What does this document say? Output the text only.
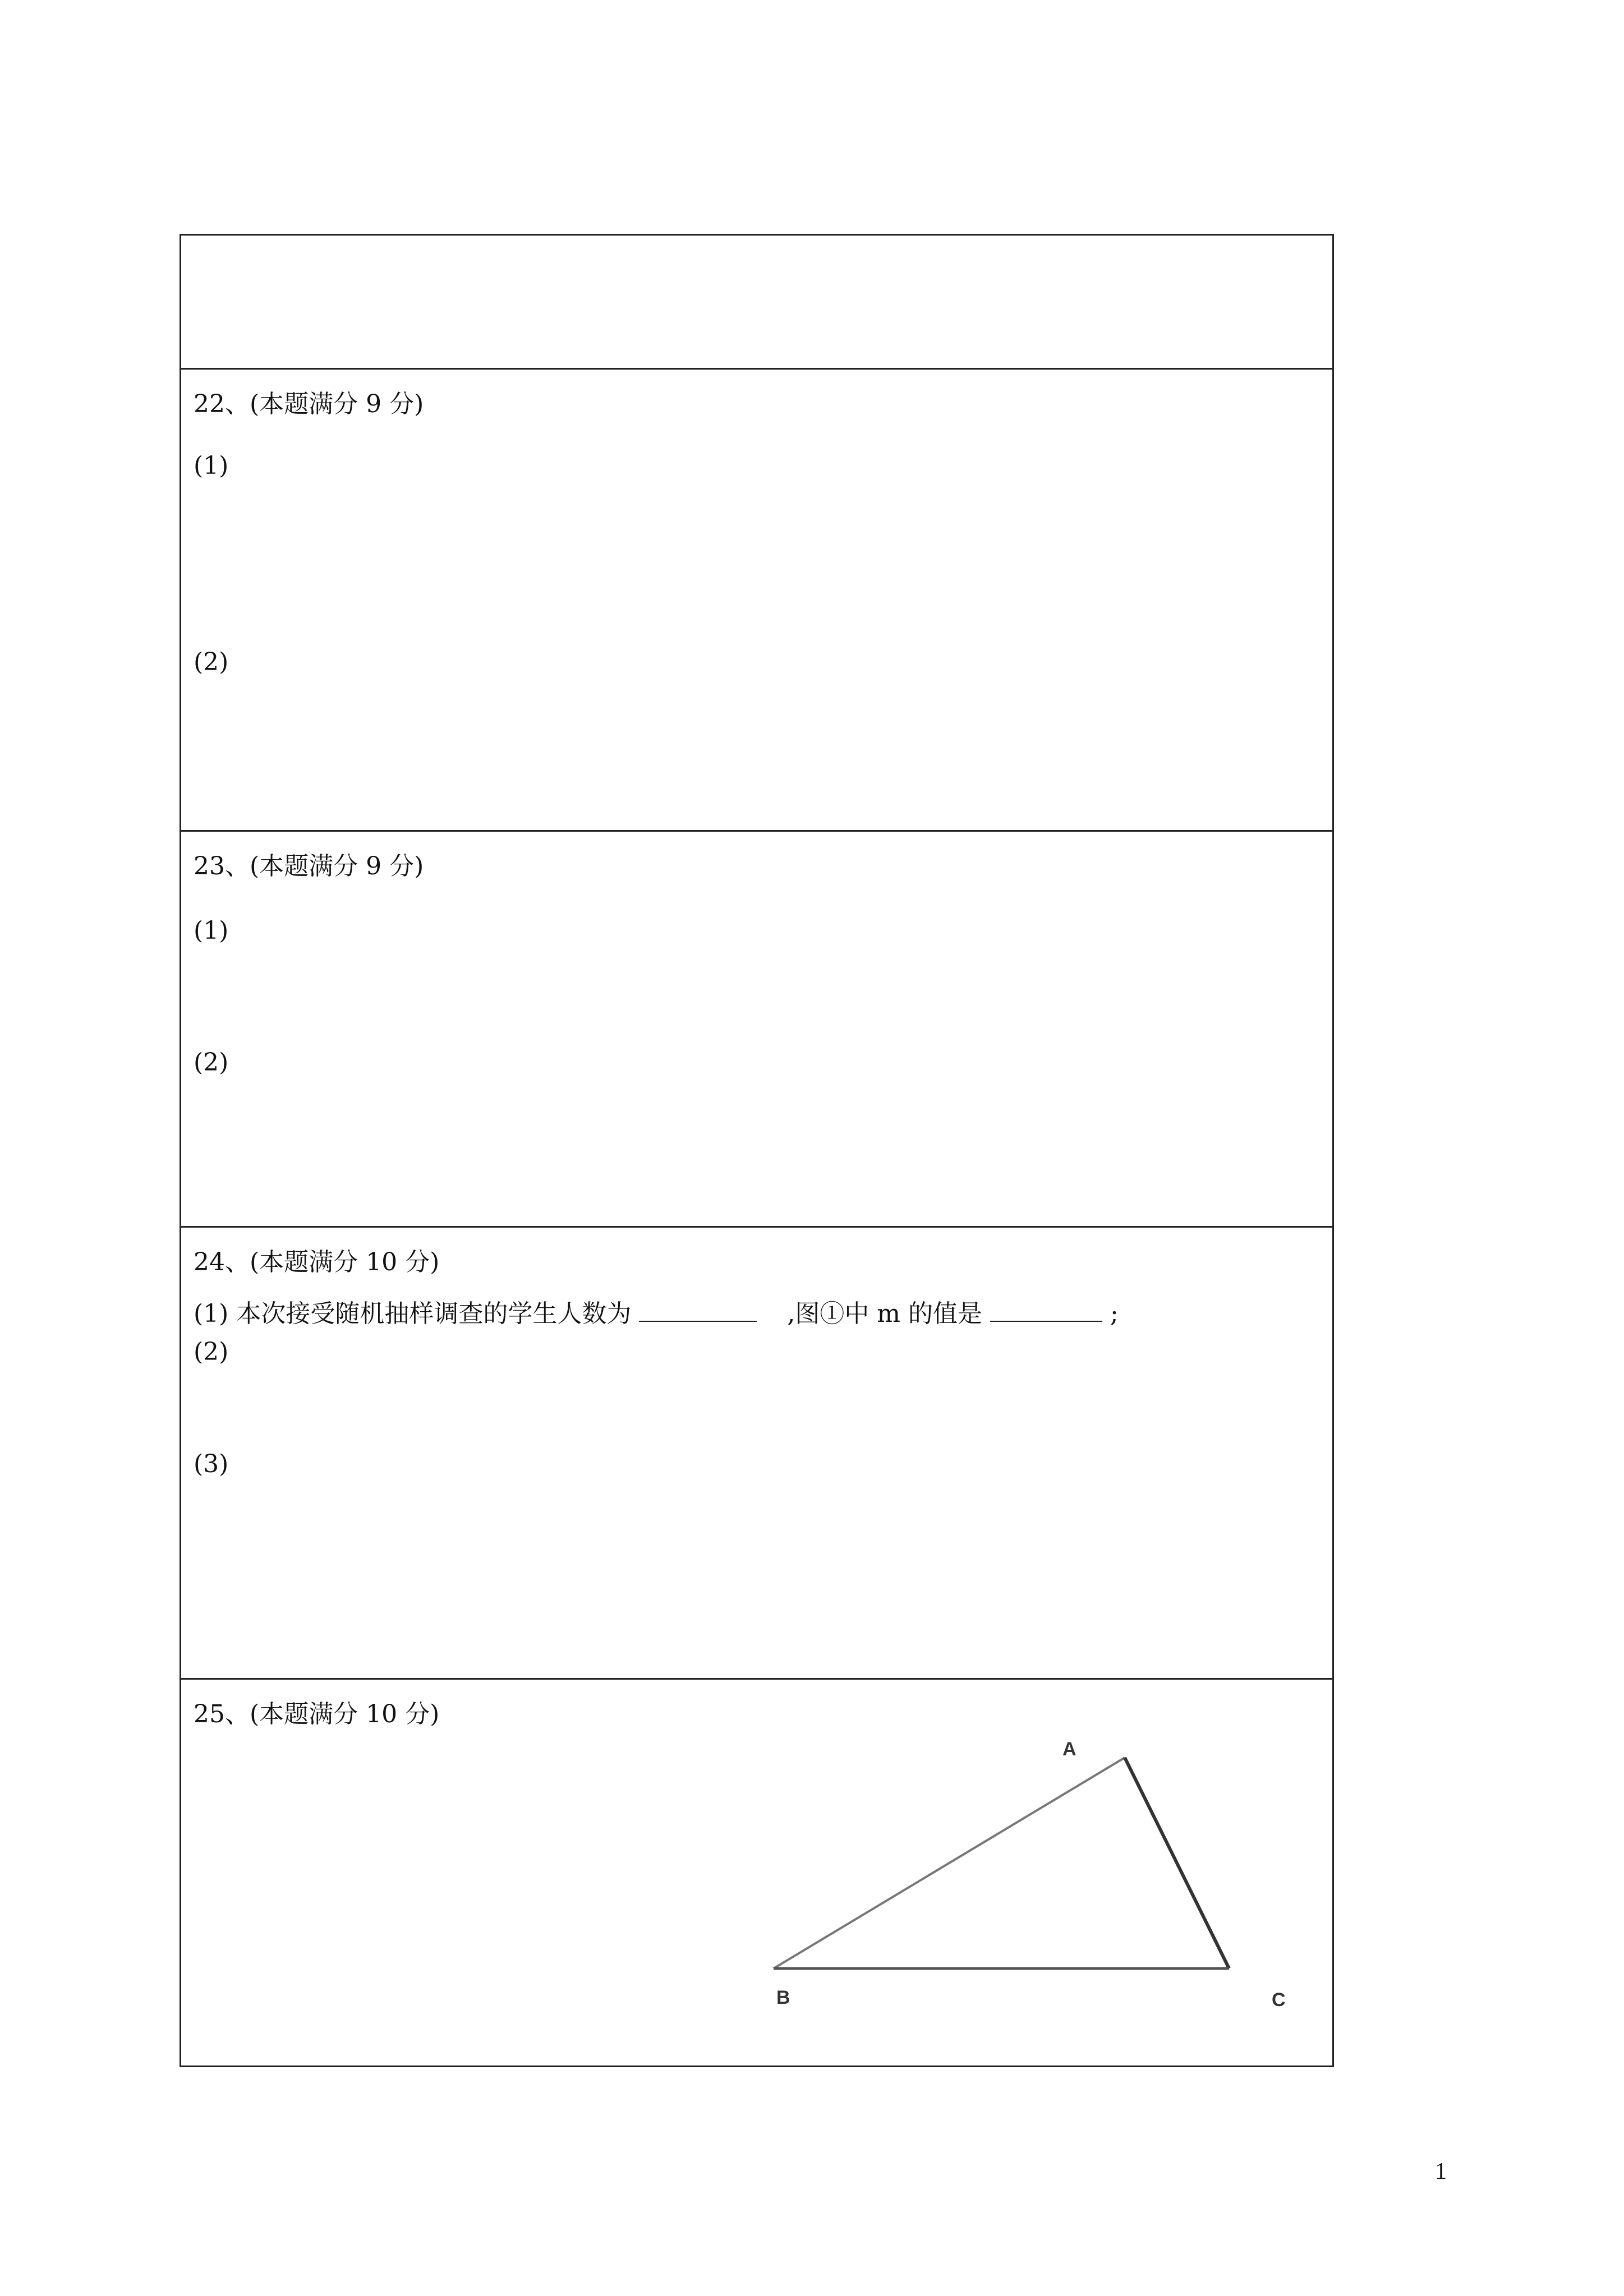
22、(本题满分 9 分)
(1)
(2)
23、(本题满分 9 分)
(1)
(2)
24、(本题满分 10 分)
(1) 本次接受随机抽样调查的学生人数为	,图①中 m 的值是	;
(2)
(3)
25、(本题满分 10 分)
A
B	C
1
